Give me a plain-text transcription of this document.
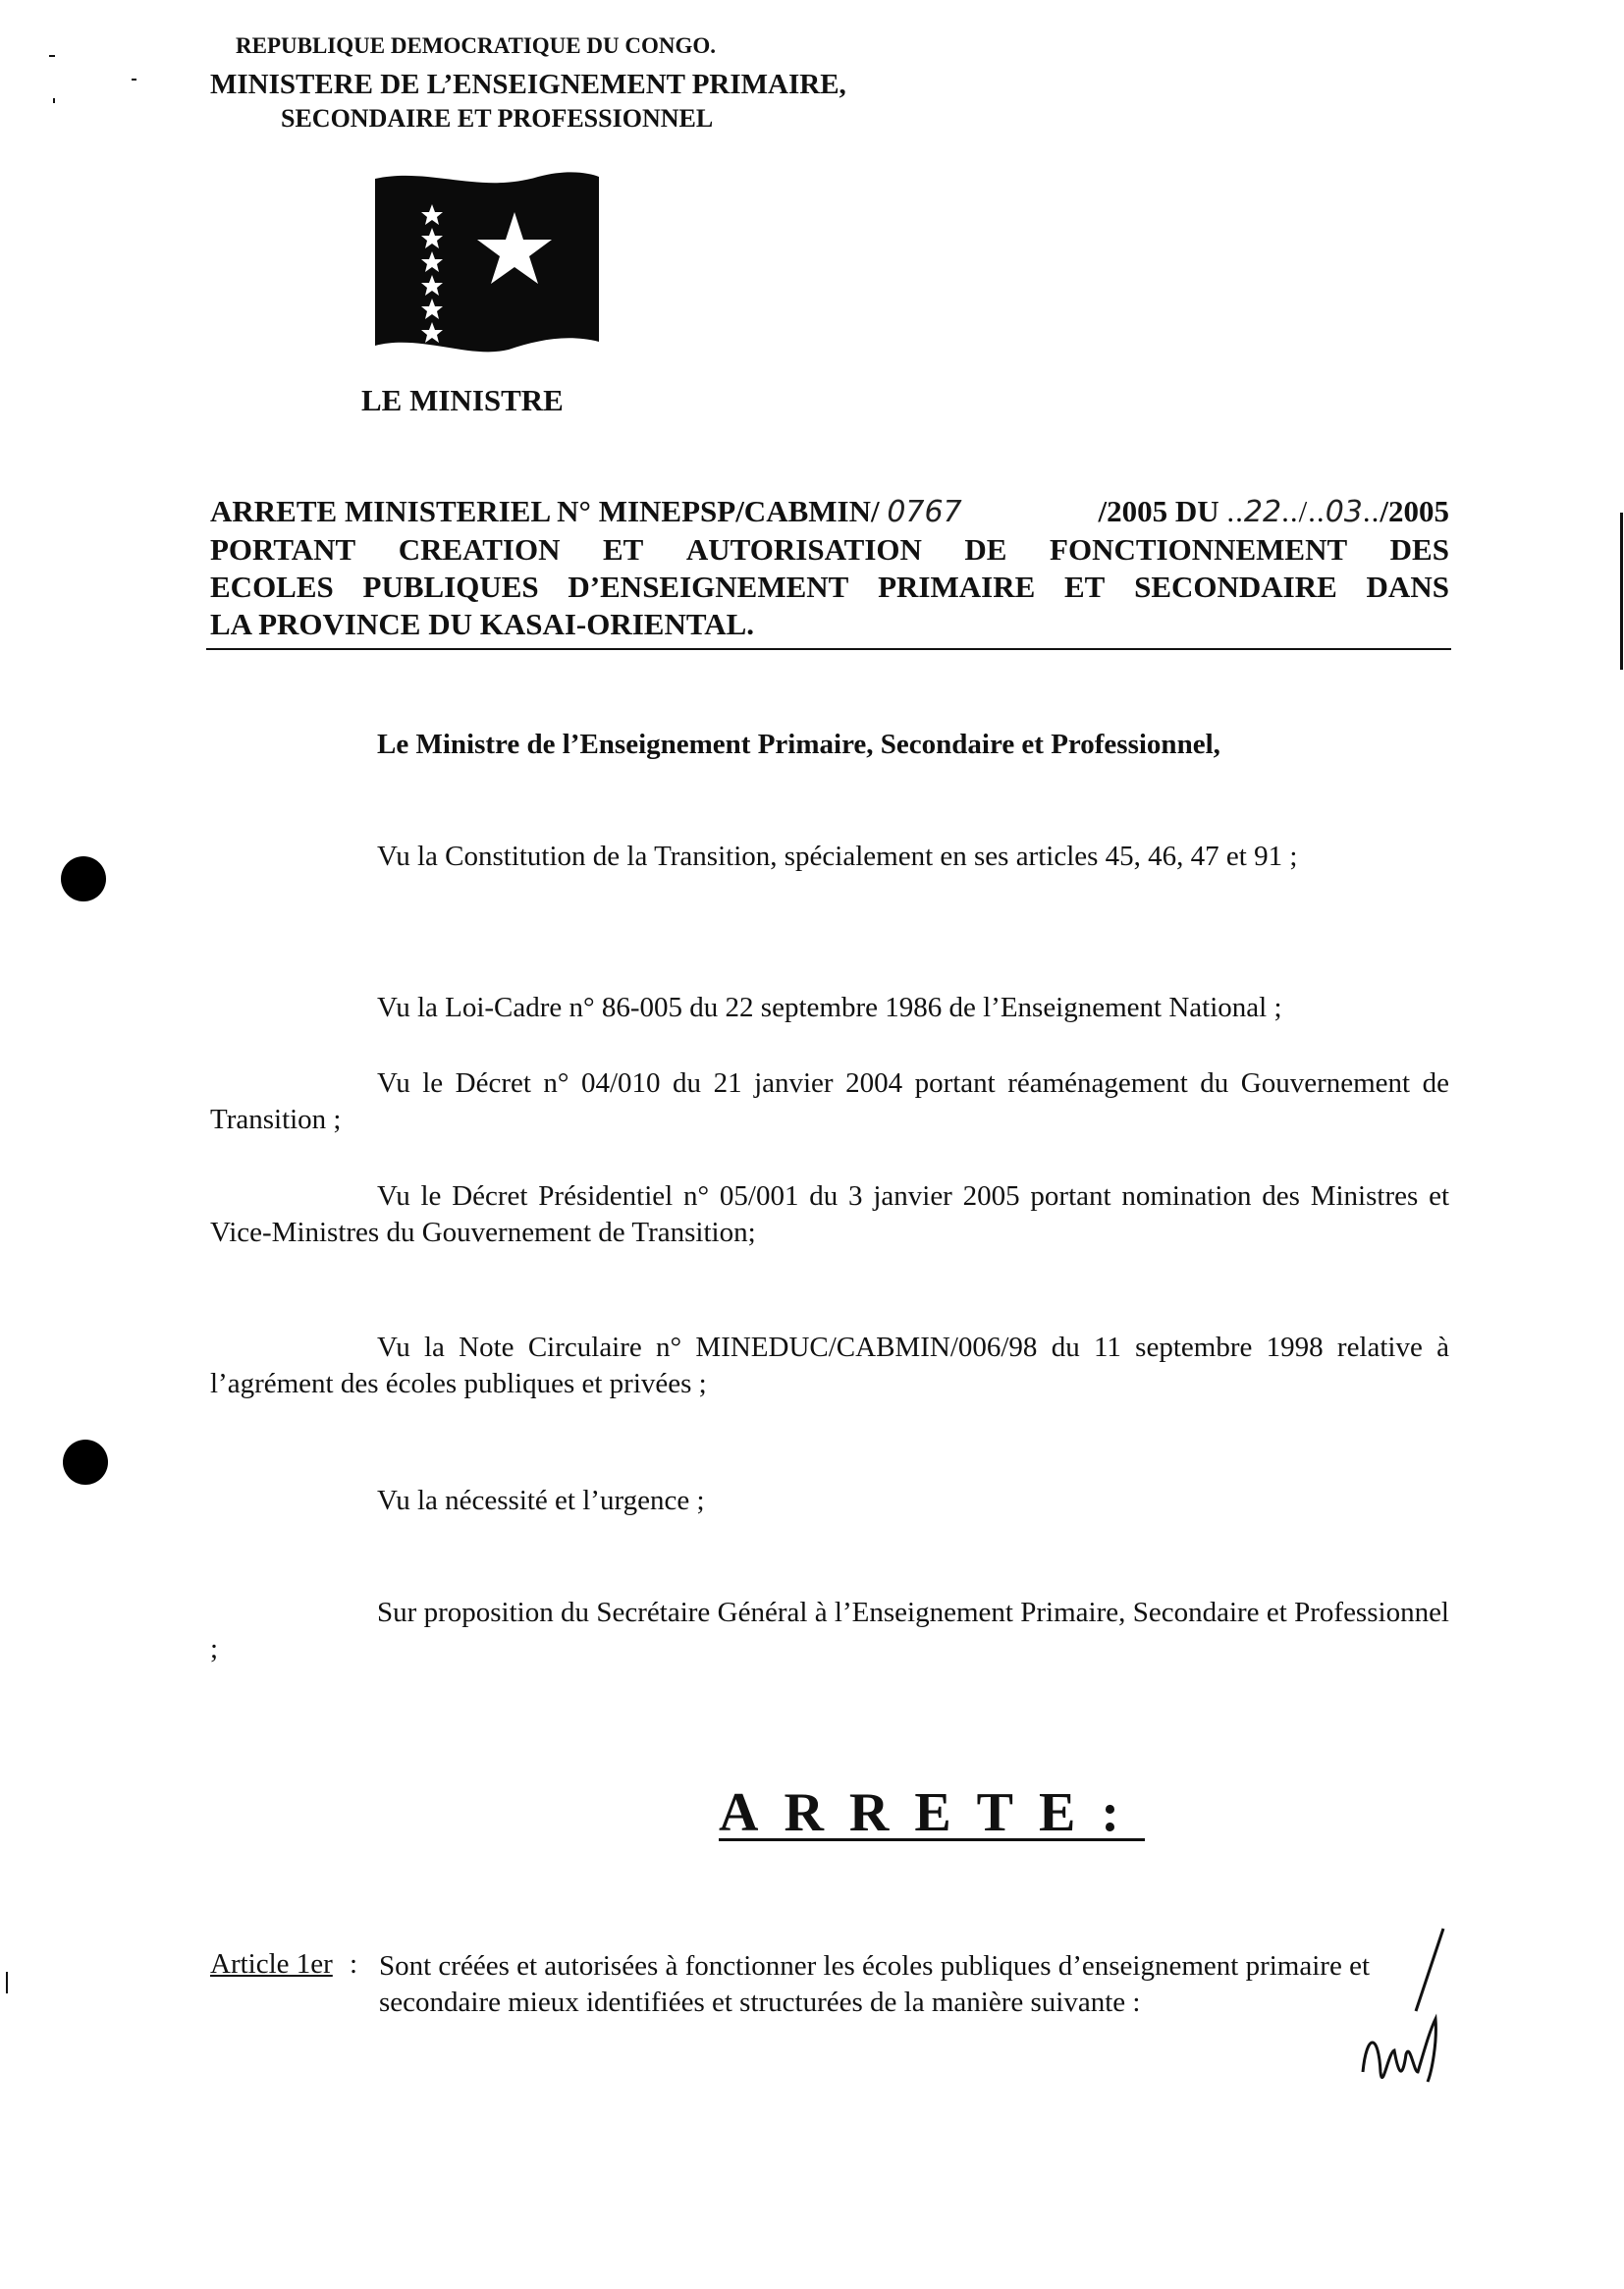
REPUBLIQUE DEMOCRATIQUE DU CONGO.
MINISTERE DE L’ENSEIGNEMENT PRIMAIRE,
SECONDAIRE ET PROFESSIONNEL
LE MINISTRE
ARRETE MINISTERIEL N° MINEPSP/CABMIN/ 0767	/2005 DU ..22../..03../2005
PORTANT CREATION ET AUTORISATION DE FONCTIONNEMENT DES
ECOLES PUBLIQUES D’ENSEIGNEMENT PRIMAIRE ET SECONDAIRE DANS
LA PROVINCE DU KASAI-ORIENTAL.
Le Ministre de l’Enseignement Primaire, Secondaire et Professionnel,
Vu la Constitution de la Transition, spécialement en ses articles 45, 46, 47 et 91 ;
Vu la Loi-Cadre n° 86-005 du 22 septembre 1986 de l’Enseignement National ;
Vu le Décret n° 04/010 du 21 janvier 2004 portant réaménagement du Gouvernement de Transition ;
Vu le Décret Présidentiel n° 05/001 du 3 janvier 2005 portant nomination des Ministres et Vice-Ministres du Gouvernement de Transition;
Vu la Note Circulaire n° MINEDUC/CABMIN/006/98 du 11 septembre 1998 relative à l’agrément des écoles publiques et privées ;
Vu la nécessité et l’urgence ;
Sur proposition du Secrétaire Général à l’Enseignement Primaire, Secondaire et Professionnel ;
ARRETE:
Article 1er : Sont créées et autorisées à fonctionner les écoles publiques d’enseignement primaire et secondaire mieux identifiées et structurées de la manière suivante :
